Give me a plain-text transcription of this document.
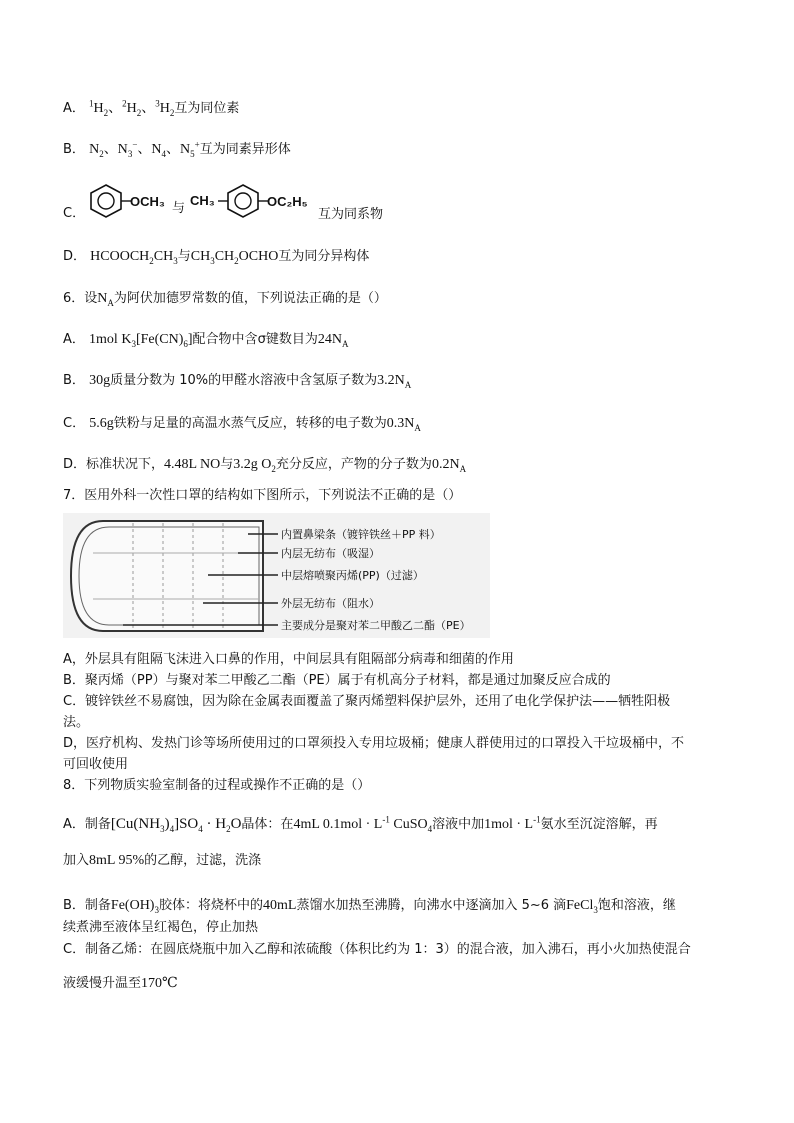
A． $^1H_2$、$^2H_2$、$^3H_2$互为同位素
B． $N_2$、$N_3^-$、$N_4$、$N_5^+$互为同素异形体
C．
OCH₃ 与
CH₃	OC₂H₅
互为同系物
D． $HCOOCH_2CH_3$与$CH_3CH_2OCHO$互为同分异构体
6．设$N_A$为阿伏加德罗常数的值，下列说法正确的是（）
A． 1mol $K_3[Fe(CN)_6]$配合物中含σ键数目为$24N_A$
B． 30g质量分数为 10%的甲醛水溶液中含氢原子数为$3.2N_A$
C． 5.6g铁粉与足量的高温水蒸气反应，转移的电子数为$0.3N_A$
D．标准状况下，4.48L NO与3.2g $O_2$充分反应，产物的分子数为$0.2N_A$
7．医用外科一次性口罩的结构如下图所示，下列说法不正确的是（）
内置鼻梁条（镀锌铁丝＋PP 料）
内层无纺布（吸湿）
中层熔喷聚丙烯(PP)（过滤）
外层无纺布（阻水）
主要成分是聚对苯二甲酸乙二酯（PE）
A，外层具有阻隔飞沫进入口鼻的作用，中间层具有阻隔部分病毒和细菌的作用
B．聚丙烯（PP）与聚对苯二甲酸乙二酯（PE）属于有机高分子材料，都是通过加聚反应合成的
C．镀锌铁丝不易腐蚀，因为除在金属表面覆盖了聚丙烯塑料保护层外，还用了电化学保护法——牺牲阳极
法。
D，医疗机构、发热门诊等场所使用过的口罩须投入专用垃圾桶；健康人群使用过的口罩投入干垃圾桶中，不
可回收使用
8．下列物质实验室制备的过程或操作不正确的是（）
A．制备$[Cu(NH_3)_4]SO_4 \cdot H_2O$晶体：在4mL $0.1mol \cdot L^{-1}$ CuSO$_4$溶液中加$1mol \cdot L^{-1}$氨水至沉淀溶解，再
加入8mL 95%的乙醇，过滤，洗涤
B．制备$Fe(OH)_3$胶体：将烧杯中的40mL蒸馏水加热至沸腾，向沸水中逐滴加入 5~6 滴FeCl$_3$饱和溶液，继
续煮沸至液体呈红褐色，停止加热
C．制备乙烯：在圆底烧瓶中加入乙醇和浓硫酸（体积比约为 1：3）的混合液，加入沸石，再小火加热使混合
液缓慢升温至170℃
